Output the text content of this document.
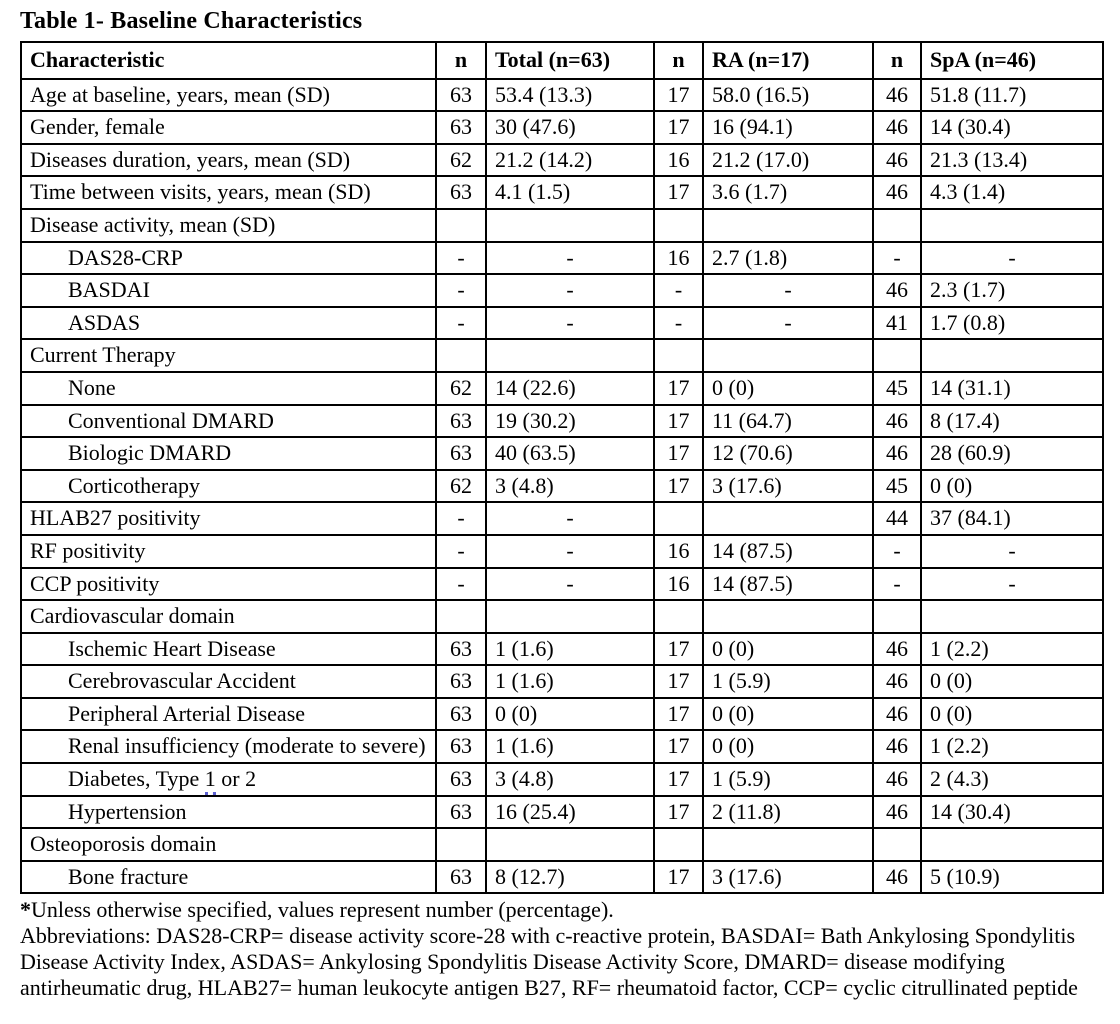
Table 1- Baseline Characteristics
Characteristic	n	Total (n=63)	n	RA (n=17)	n	SpA (n=46)
Age at baseline, years, mean (SD)	63	53.4 (13.3)	17	58.0 (16.5)	46	51.8 (11.7)
Gender, female	63	30 (47.6)	17	16 (94.1)	46	14 (30.4)
Diseases duration, years, mean (SD)	62	21.2 (14.2)	16	21.2 (17.0)	46	21.3 (13.4)
Time between visits, years, mean (SD)	63	4.1 (1.5)	17	3.6 (1.7)	46	4.3 (1.4)
Disease activity, mean (SD)						
DAS28-CRP	-	-	16	2.7 (1.8)	-	-
BASDAI	-	-	-	-	46	2.3 (1.7)
ASDAS	-	-	-	-	41	1.7 (0.8)
Current Therapy						
None	62	14 (22.6)	17	0 (0)	45	14 (31.1)
Conventional DMARD	63	19 (30.2)	17	11 (64.7)	46	8 (17.4)
Biologic DMARD	63	40 (63.5)	17	12 (70.6)	46	28 (60.9)
Corticotherapy	62	3 (4.8)	17	3 (17.6)	45	0 (0)
HLAB27 positivity	-	-			44	37 (84.1)
RF positivity	-	-	16	14 (87.5)	-	-
CCP positivity	-	-	16	14 (87.5)	-	-
Cardiovascular domain						
Ischemic Heart Disease	63	1 (1.6)	17	0 (0)	46	1 (2.2)
Cerebrovascular Accident	63	1 (1.6)	17	1 (5.9)	46	0 (0)
Peripheral Arterial Disease	63	0 (0)	17	0 (0)	46	0 (0)
Renal insufficiency (moderate to severe)	63	1 (1.6)	17	0 (0)	46	1 (2.2)
Diabetes, Type 1 or 2	63	3 (4.8)	17	1 (5.9)	46	2 (4.3)
Hypertension	63	16 (25.4)	17	2 (11.8)	46	14 (30.4)
Osteoporosis domain						
Bone fracture	63	8 (12.7)	17	3 (17.6)	46	5 (10.9)

*Unless otherwise specified, values represent number (percentage).

Abbreviations: DAS28-CRP= disease activity score-28 with c-reactive protein, BASDAI= Bath Ankylosing Spondylitis Disease Activity Index, ASDAS= Ankylosing Spondylitis Disease Activity Score, DMARD= disease modifying antirheumatic drug, HLAB27= human leukocyte antigen B27, RF= rheumatoid factor, CCP= cyclic citrullinated peptide
